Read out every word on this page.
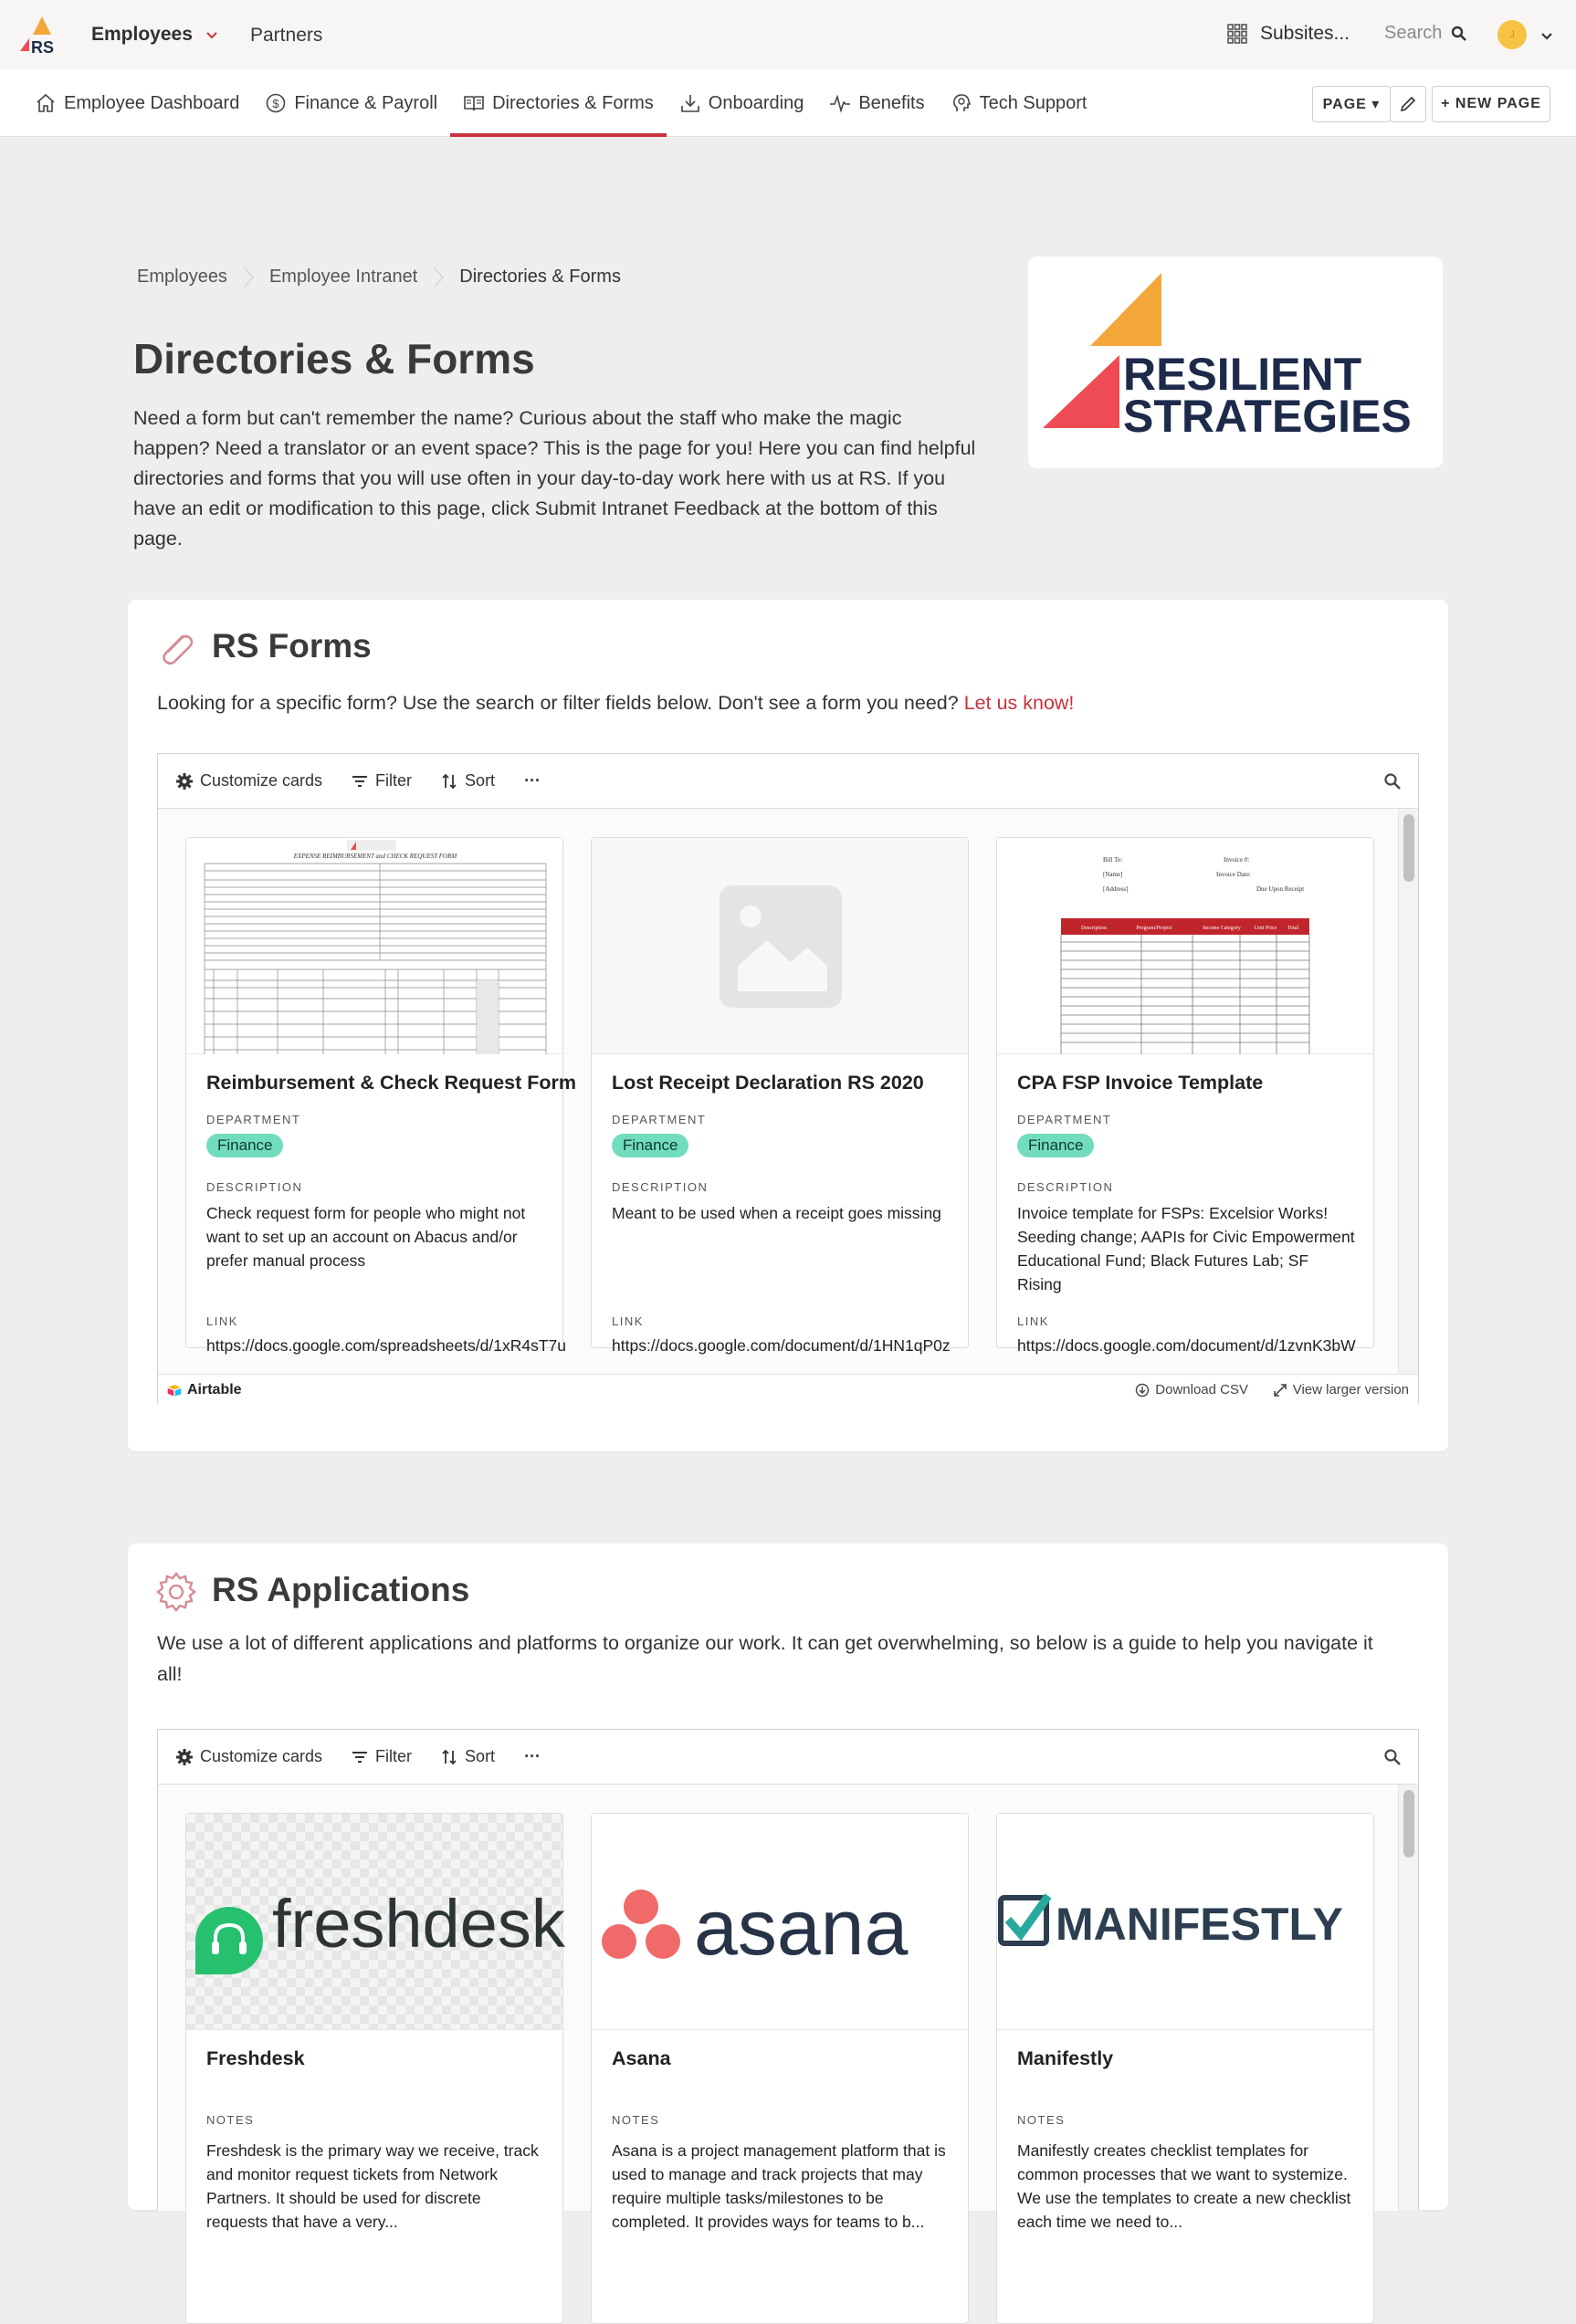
RS
Employees	Partners	Subsites... Search	J
Employee Dashboard	$ Finance & Payroll	Directories & Forms	Onboarding	Benefits	Tech Support	PAGE ▾	+ NEW PAGE
Employees Employee Intranet Directories & Forms
Directories & Forms

Need a form but can't remember the name? Curious about the staff who make the magic happen? Need a translator or an event space? This is the page for you! Here you can find helpful directories and forms that you will use often in your day-to-day work here with us at RS. If you have an edit or modification to this page, click Submit Intranet Feedback at the bottom of this page.

RESILIENT
STRATEGIES
RS Forms
Looking for a specific form? Use the search or filter fields below. Don't see a form you need? Let us know!
Customize cards	Filter	Sort ···
EXPENSE REIMBURSEMENT and CHECK REQUEST FORM
Reimbursement & Check Request Form
DEPARTMENT
Finance
DESCRIPTION
Check request form for people who might not want to set up an account on Abacus and/or prefer manual process
LINK
https://docs.google.com/spreadsheets/d/1xR4sT7u
Lost Receipt Declaration RS 2020
DEPARTMENT
Finance
DESCRIPTION
Meant to be used when a receipt goes missing
LINK
https://docs.google.com/document/d/1HN1qP0z
Bill To:
[Name]
[Address]
Invoice #:
Invoice Date:
Due Upon Receipt
Description	Program/Project	Income Category	Unit Price Total
CPA FSP Invoice Template
DEPARTMENT
Finance
DESCRIPTION
Invoice template for FSPs: Excelsior Works! Seeding change; AAPIs for Civic Empowerment Educational Fund; Black Futures Lab; SF Rising
LINK
https://docs.google.com/document/d/1zvnK3bW
Airtable	Download CSV	View larger version
RS Applications
We use a lot of different applications and platforms to organize our work. It can get overwhelming, so below is a guide to help you navigate it all!
Customize cards	Filter	Sort ···
freshdesk
Freshdesk
NOTES
Freshdesk is the primary way we receive, track and monitor request tickets from Network Partners. It should be used for discrete requests that have a very...
asana
Asana
NOTES
Asana is a project management platform that is used to manage and track projects that may require multiple tasks/milestones to be completed. It provides ways for teams to b...
MANIFESTLY
Manifestly
NOTES
Manifestly creates checklist templates for common processes that we want to systemize. We use the templates to create a new checklist each time we need to...
